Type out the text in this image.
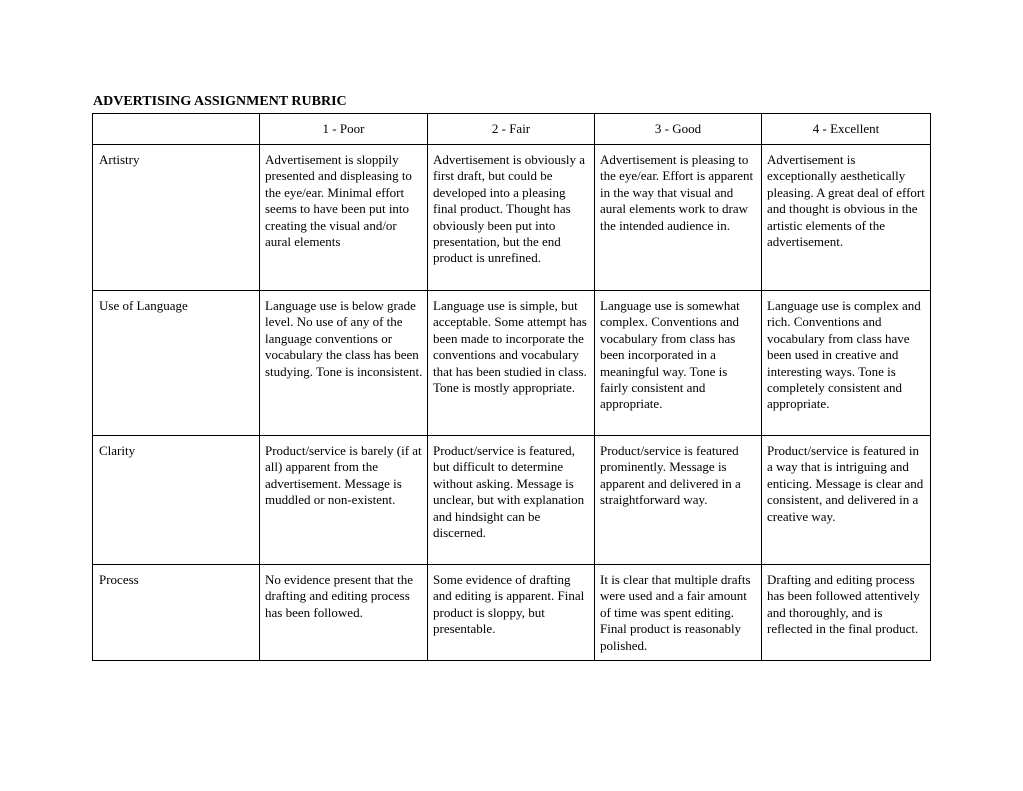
ADVERTISING ASSIGNMENT RUBRIC
	1 - Poor	2 - Fair	3 - Good	4 - Excellent
Artistry	Advertisement is sloppily presented and displeasing to the eye/ear. Minimal effort seems to have been put into creating the visual and/or aural elements	Advertisement is obviously a first draft, but could be developed into a pleasing final product. Thought has obviously been put into presentation, but the end product is unrefined.	Advertisement is pleasing to the eye/ear. Effort is apparent in the way that visual and aural elements work to draw the intended audience in.	Advertisement is exceptionally aesthetically pleasing. A great deal of effort and thought is obvious in the artistic elements of the advertisement.
Use of Language	Language use is below grade level. No use of any of the language conventions or vocabulary the class has been studying. Tone is inconsistent.	Language use is simple, but acceptable. Some attempt has been made to incorporate the conventions and vocabulary that has been studied in class. Tone is mostly appropriate.	Language use is somewhat complex. Conventions and vocabulary from class has been incorporated in a meaningful way. Tone is fairly consistent and appropriate.	Language use is complex and rich. Conventions and vocabulary from class have been used in creative and interesting ways. Tone is completely consistent and appropriate.
Clarity	Product/service is barely (if at all) apparent from the advertisement. Message is muddled or non-existent.	Product/service is featured, but difficult to determine without asking. Message is unclear, but with explanation and hindsight can be discerned.	Product/service is featured prominently. Message is apparent and delivered in a straightforward way.	Product/service is featured in a way that is intriguing and enticing. Message is clear and consistent, and delivered in a creative way.
Process	No evidence present that the drafting and editing process has been followed.	Some evidence of drafting and editing is apparent. Final product is sloppy, but presentable.	It is clear that multiple drafts were used and a fair amount of time was spent editing. Final product is reasonably polished.	Drafting and editing process has been followed attentively and thoroughly, and is reflected in the final product.
